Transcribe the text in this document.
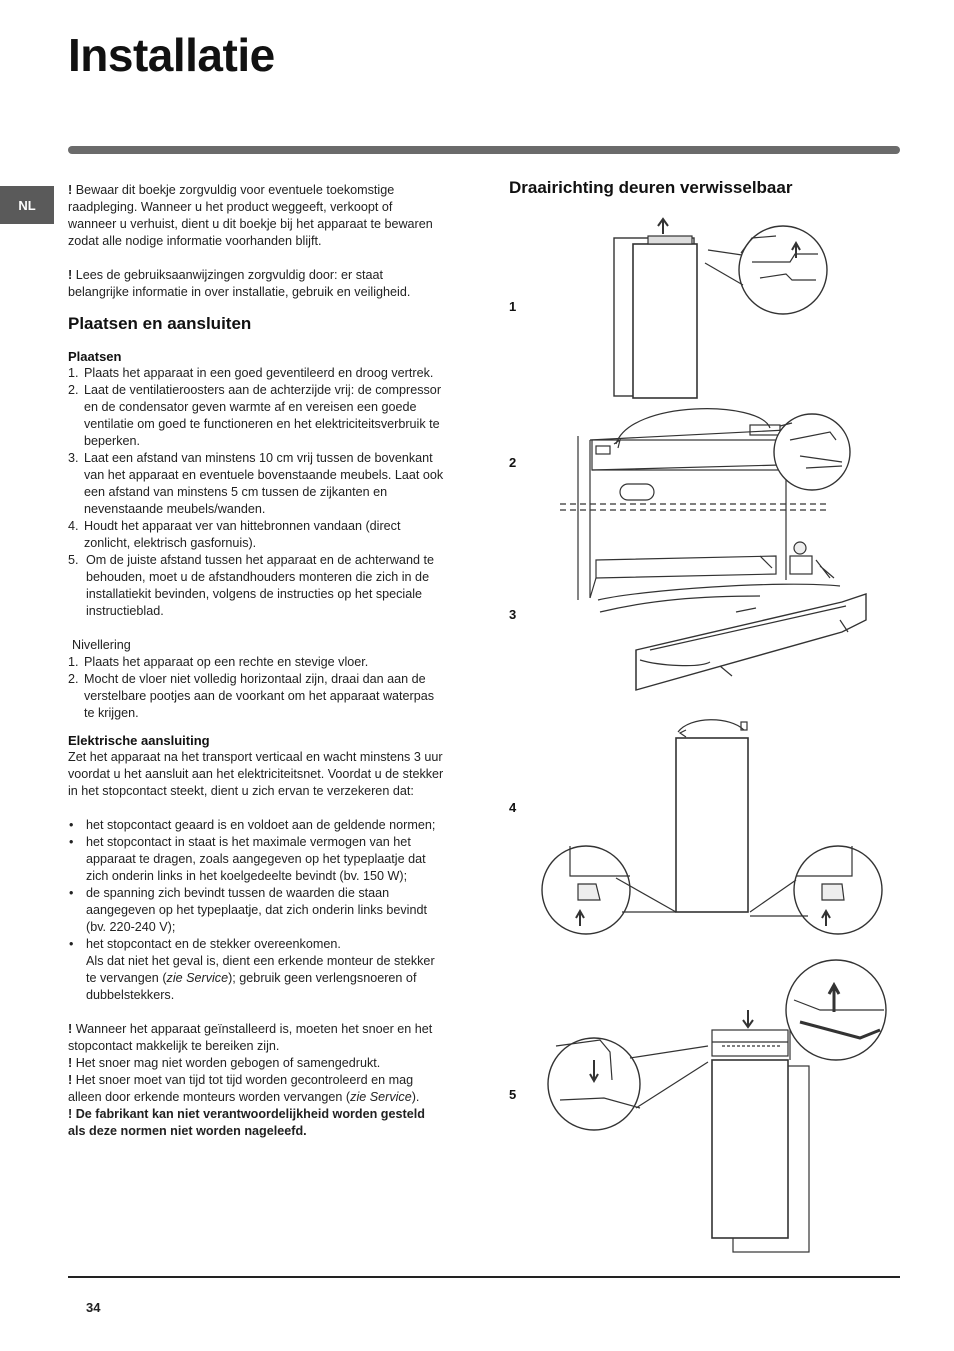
Installatie
NL

! Bewaar dit boekje zorgvuldig voor eventuele toekomstige raadpleging. Wanneer u het product weggeeft, verkoopt of wanneer u verhuist, dient u dit boekje bij het apparaat te bewaren zodat alle nodige informatie voorhanden blijft.

! Lees de gebruiksaanwijzingen zorgvuldig door: er staat belangrijke informatie in over installatie, gebruik en veiligheid.

Plaatsen en aansluiten

Plaatsen

1. Plaats het apparaat in een goed geventileerd en droog vertrek.
2. Laat de ventilatieroosters aan de achterzijde vrij: de compressor en de condensator geven warmte af en vereisen een goede ventilatie om goed te functioneren en het elektriciteitsverbruik te beperken.
3. Laat een afstand van minstens 10 cm vrij tussen de bovenkant van het apparaat en eventuele bovenstaande meubels. Laat ook een afstand van minstens 5 cm tussen de zijkanten en nevenstaande meubels/wanden.
4. Houdt het apparaat ver van hittebronnen vandaan (direct zonlicht, elektrisch gasfornuis).
5. Om de juiste afstand tussen het apparaat en de achterwand te behouden, moet u de afstandhouders monteren die zich in de installatiekit bevinden, volgens de instructies op het speciale instructieblad.

Nivellering

1. Plaats het apparaat op een rechte en stevige vloer.
2. Mocht de vloer niet volledig horizontaal zijn, draai dan aan de verstelbare pootjes aan de voorkant om het apparaat waterpas te krijgen.

Elektrische aansluiting

Zet het apparaat na het transport verticaal en wacht minstens 3 uur voordat u het aansluit aan het elektriciteitsnet. Voordat u de stekker in het stopcontact steekt, dient u zich ervan te verzekeren dat:

• het stopcontact geaard is en voldoet aan de geldende normen;
• het stopcontact in staat is het maximale vermogen van het apparaat te dragen, zoals aangegeven op het typeplaatje dat zich onderin links in het koelgedeelte bevindt (bv. 150 W);
• de spanning zich bevindt tussen de waarden die staan aangegeven op het typeplaatje, dat zich onderin links bevindt (bv. 220-240 V);
• het stopcontact en de stekker overeenkomen.
Als dat niet het geval is, dient een erkende monteur de stekker te vervangen (zie Service); gebruik geen verlengsnoeren of dubbelstekkers.

! Wanneer het apparaat geïnstalleerd is, moeten het snoer en het stopcontact makkelijk te bereiken zijn.

! Het snoer mag niet worden gebogen of samengedrukt.

! Het snoer moet van tijd tot tijd worden gecontroleerd en mag alleen door erkende monteurs worden vervangen (zie Service).

! De fabrikant kan niet verantwoordelijkheid worden gesteld als deze normen niet worden nageleefd.

Draairichting deuren verwisselbaar
1
2
3
4
5
34
